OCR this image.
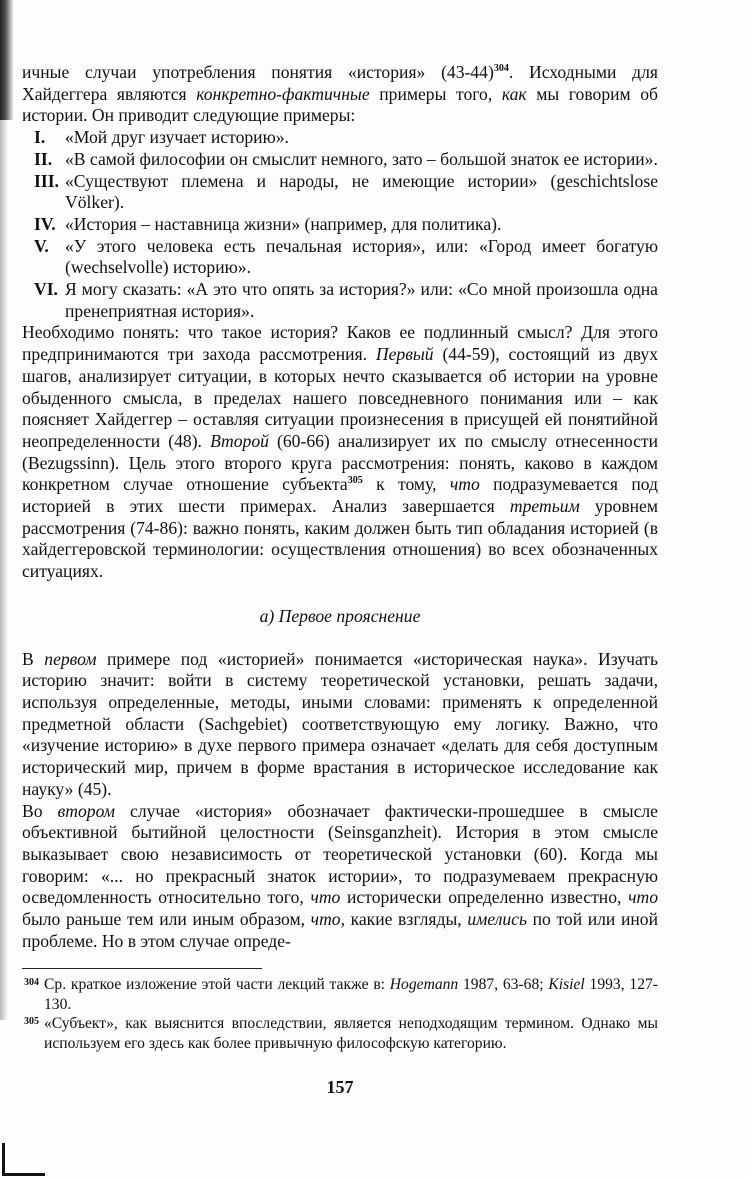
ичные случаи употребления понятия «история» $(43-44)^{304}$. Исходными для Хайдеггера являются конкретно-фактичные примеры того, как мы говорим об истории. Он приводит следующие примеры:

I.	«Мой друг изучает историю».
II. «В самой философии он смыслит немного, зато – большой знаток ее истории».
III. «Существуют племена и народы, не имеющие истории» (geschichtslose Völker).
IV. «История – наставница жизни» (например, для политика).
V. «У этого человека есть печальная история», или: «Город имеет богатую (wechselvolle) историю».
VI. Я могу сказать: «А это что опять за история?» или: «Со мной произошла одна пренеприятная история».

Необходимо понять: что такое история? Каков ее подлинный смысл? Для этого предпринимаются три захода рассмотрения. Первый (44-59), состоящий из двух шагов, анализирует ситуации, в которых нечто сказывается об истории на уровне обыденного смысла, в пределах нашего повседневного понимания или – как поясняет Хайдеггер – оставляя ситуации произнесения в присущей ей понятийной неопределенности (48). Второй (60-66) анализирует их по смыслу отнесенности (Bezugssinn). Цель этого второго круга рассмотрения: понять, каково в каждом конкретном случае отношение субъекта$^{305}$ к тому, что подразумевается под историей в этих шести примерах. Анализ завершается третьим уровнем рассмотрения (74-86): важно понять, каким должен быть тип обладания историей (в хайдеггеровской терминологии: осуществления отношения) во всех обозначенных ситуациях.

а) Первое прояснение

В первом примере под «историей» понимается «историческая наука». Изучать историю значит: войти в систему теоретической установки, решать задачи, используя определенные, методы, иными словами: применять к определенной предметной области (Sachgebiet) соответствующую ему логику. Важно, что «изучение историю» в духе первого примера означает «делать для себя доступным исторический мир, причем в форме врастания в историческое исследование как науку» (45).

Во втором случае «история» обозначает фактически-прошедшее в смысле объективной бытийной целостности (Seinsganzheit). История в этом смысле выказывает свою независимость от теоретической установки (60). Когда мы говорим: «... но прекрасный знаток истории», то подразумеваем прекрасную осведомленность относительно того, что исторически определенно известно, что было раньше тем или иным образом, что, какие взгляды, имелись по той или иной проблеме. Но в этом случае опреде-

304 Ср. краткое изложение этой части лекций также в: Hogemann 1987, 63-68; Kisiel 1993, 127-130.

305 «Субъект», как выяснится впоследствии, является неподходящим термином. Однако мы используем его здесь как более привычную философскую категорию.

157
